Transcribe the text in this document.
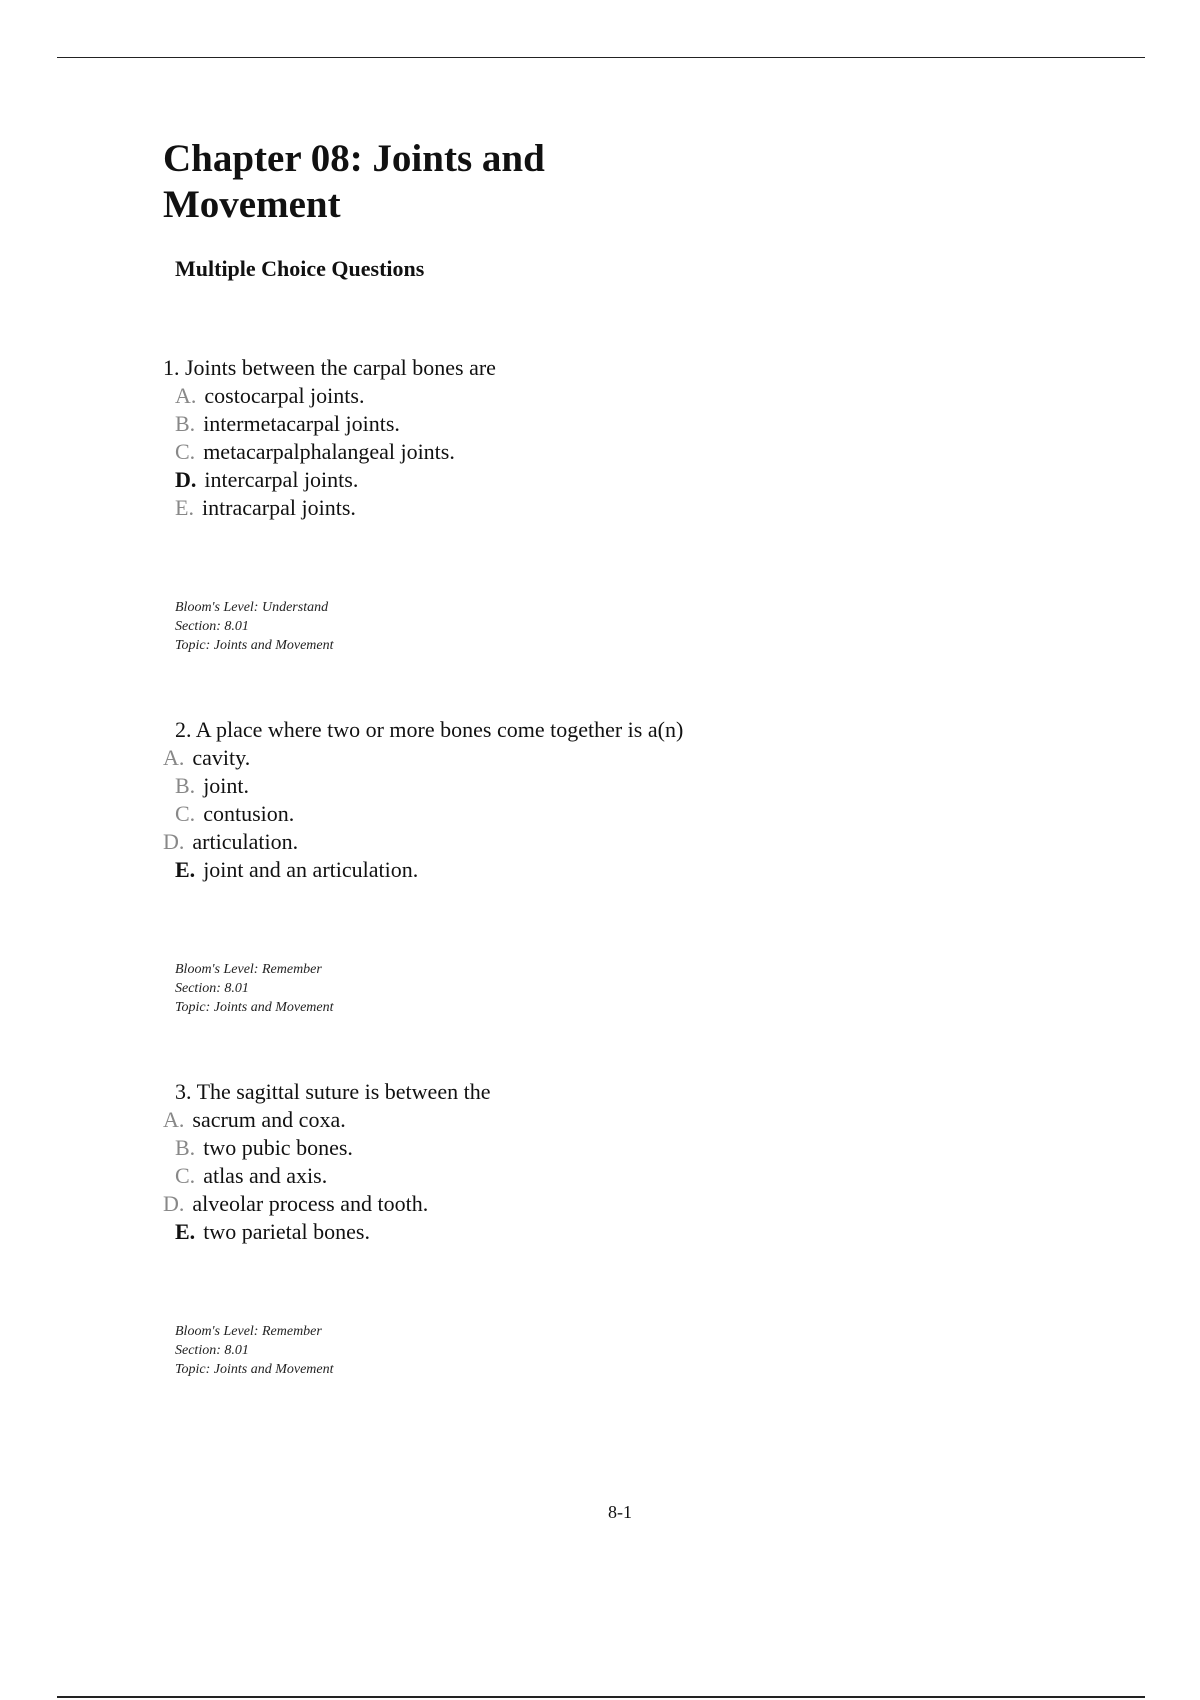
Chapter 08: Joints and Movement
Multiple Choice Questions
1. Joints between the carpal bones are
A. costocarpal joints.
B. intermetacarpal joints.
C. metacarpalphalangeal joints.
D. intercarpal joints.
E. intracarpal joints.
Bloom's Level: Understand
Section: 8.01
Topic: Joints and Movement
2. A place where two or more bones come together is a(n)
A. cavity.
B. joint.
C. contusion.
D. articulation.
E. joint and an articulation.
Bloom's Level: Remember
Section: 8.01
Topic: Joints and Movement
3. The sagittal suture is between the
A. sacrum and coxa.
B. two pubic bones.
C. atlas and axis.
D. alveolar process and tooth.
E. two parietal bones.
Bloom's Level: Remember
Section: 8.01
Topic: Joints and Movement
8-1
